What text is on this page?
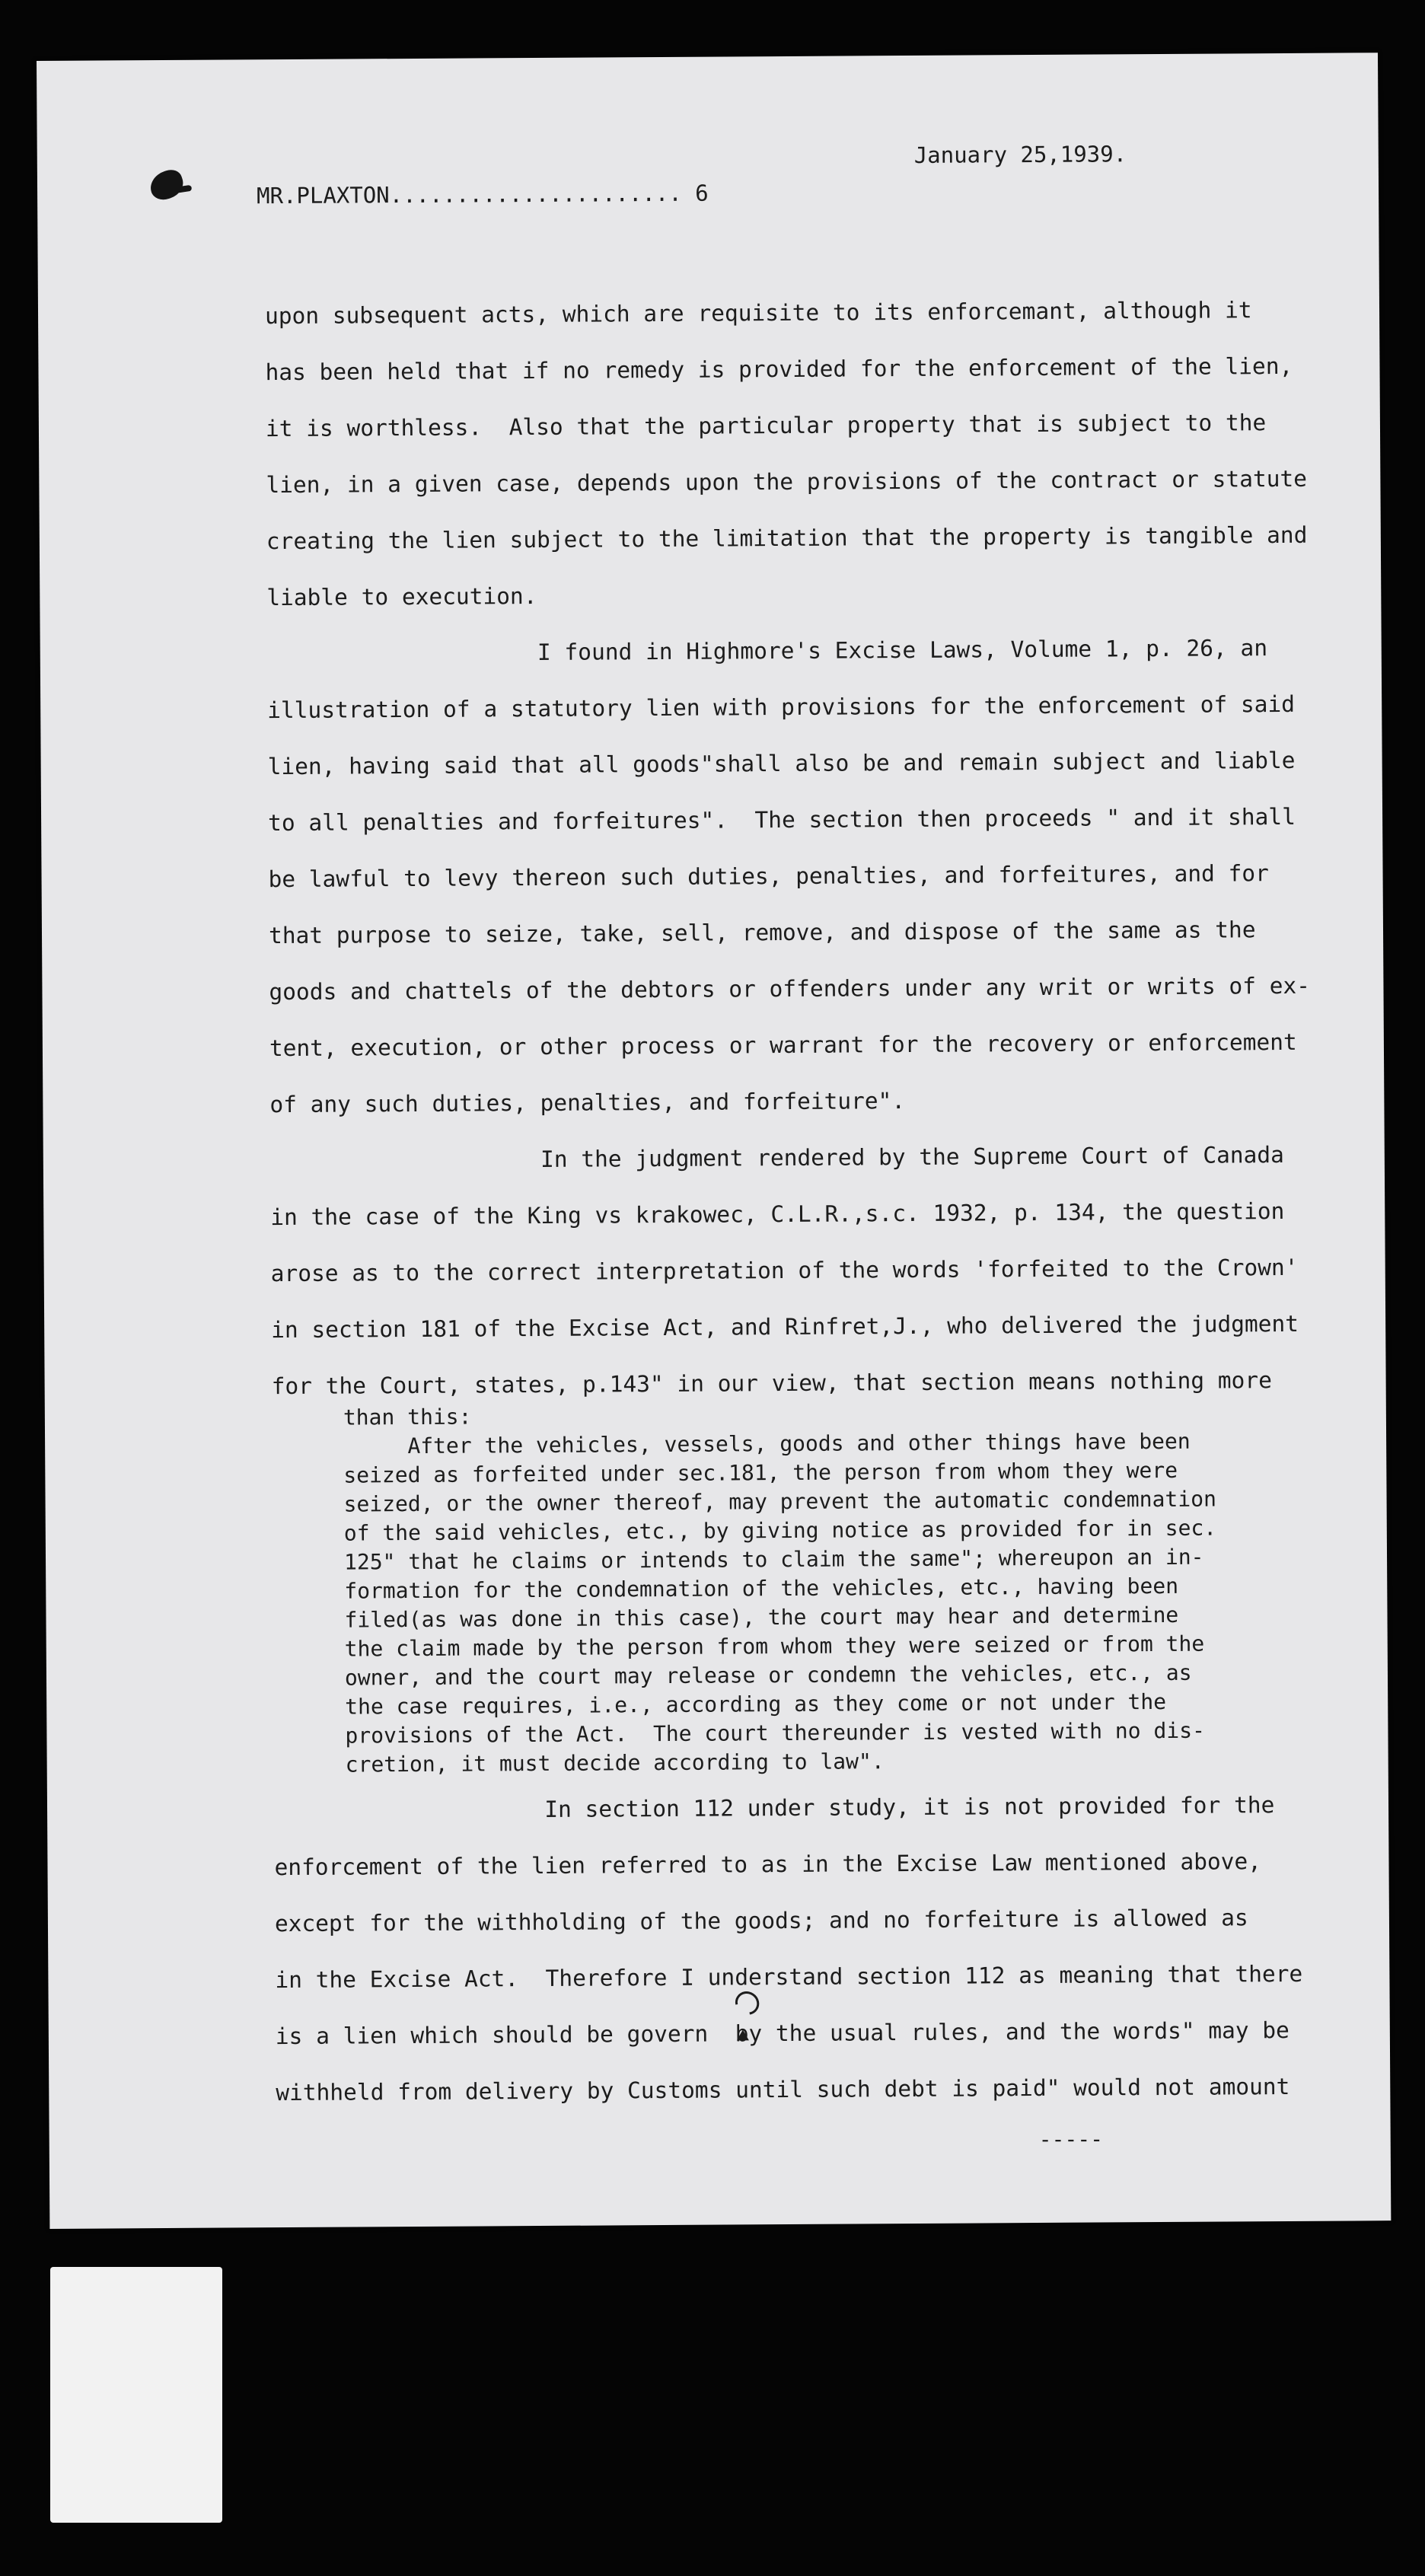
January 25,1939.
MR.PLAXTON...................... 6
upon subsequent acts, which are requisite to its enforcemant, although it
has been held that if no remedy is provided for the enforcement of the lien,
it is worthless.  Also that the particular property that is subject to the
lien, in a given case, depends upon the provisions of the contract or statute
creating the lien subject to the limitation that the property is tangible and
liable to execution.
I found in Highmore's Excise Laws, Volume 1, p. 26, an
illustration of a statutory lien with provisions for the enforcement of said
lien, having said that all goods"shall also be and remain subject and liable
to all penalties and forfeitures".  The section then proceeds " and it shall
be lawful to levy thereon such duties, penalties, and forfeitures, and for
that purpose to seize, take, sell, remove, and dispose of the same as the
goods and chattels of the debtors or offenders under any writ or writs of ex-
tent, execution, or other process or warrant for the recovery or enforcement
of any such duties, penalties, and forfeiture".
In the judgment rendered by the Supreme Court of Canada
in the case of the King vs krakowec, C.L.R.,s.c. 1932, p. 134, the question
arose as to the correct interpretation of the words 'forfeited to the Crown'
in section 181 of the Excise Act, and Rinfret,J., who delivered the judgment
for the Court, states, p.143" in our view, that section means nothing more
than this:
After the vehicles, vessels, goods and other things have been
seized as forfeited under sec.181, the person from whom they were
seized, or the owner thereof, may prevent the automatic condemnation
of the said vehicles, etc., by giving notice as provided for in sec.
125" that he claims or intends to claim the same"; whereupon an in-
formation for the condemnation of the vehicles, etc., having been
filed(as was done in this case), the court may hear and determine
the claim made by the person from whom they were seized or from the
owner, and the court may release or condemn the vehicles, etc., as
the case requires, i.e., according as they come or not under the
provisions of the Act.  The court thereunder is vested with no dis-
cretion, it must decide according to law".
In section 112 under study, it is not provided for the
enforcement of the lien referred to as in the Excise Law mentioned above,
except for the withholding of the goods; and no forfeiture is allowed as
in the Excise Act.  Therefore I understand section 112 as meaning that there
is a lien which should be govern  by the usual rules, and the words" may be
withheld from delivery by Customs until such debt is paid" would not amount
-----
